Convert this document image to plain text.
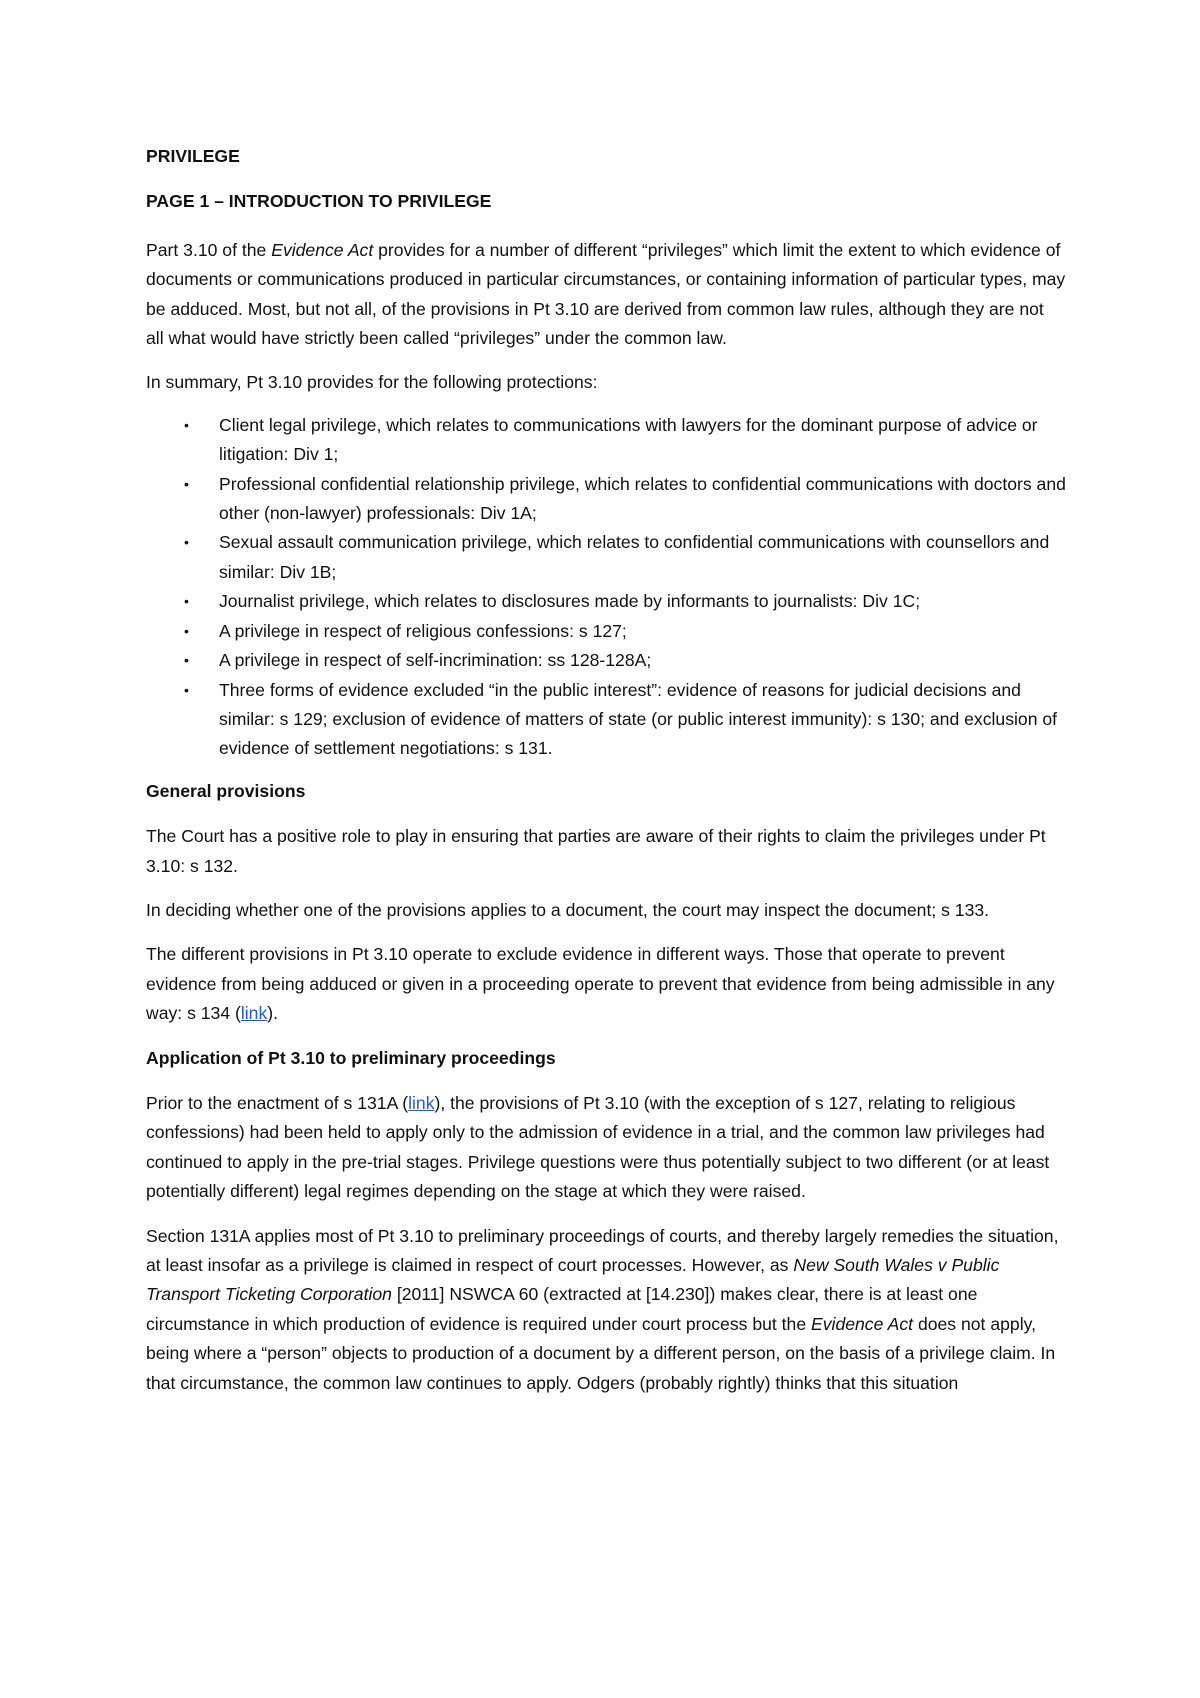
PRIVILEGE

PAGE 1 – INTRODUCTION TO PRIVILEGE

Part 3.10 of the Evidence Act provides for a number of different “privileges” which limit the extent to which evidence of documents or communications produced in particular circumstances, or containing information of particular types, may be adduced. Most, but not all, of the provisions in Pt 3.10 are derived from common law rules, although they are not all what would have strictly been called “privileges” under the common law.

In summary, Pt 3.10 provides for the following protections:

• Client legal privilege, which relates to communications with lawyers for the dominant purpose of advice or litigation: Div 1;
• Professional confidential relationship privilege, which relates to confidential communications with doctors and other (non-lawyer) professionals: Div 1A;
• Sexual assault communication privilege, which relates to confidential communications with counsellors and similar: Div 1B;
• Journalist privilege, which relates to disclosures made by informants to journalists: Div 1C;
• A privilege in respect of religious confessions: s 127;
• A privilege in respect of self-incrimination: ss 128-128A;
• Three forms of evidence excluded “in the public interest”: evidence of reasons for judicial decisions and similar: s 129; exclusion of evidence of matters of state (or public interest immunity): s 130; and exclusion of evidence of settlement negotiations: s 131.

General provisions

The Court has a positive role to play in ensuring that parties are aware of their rights to claim the privileges under Pt 3.10: s 132.

In deciding whether one of the provisions applies to a document, the court may inspect the document; s 133.

The different provisions in Pt 3.10 operate to exclude evidence in different ways. Those that operate to prevent evidence from being adduced or given in a proceeding operate to prevent that evidence from being admissible in any way: s 134 (link).

Application of Pt 3.10 to preliminary proceedings

Prior to the enactment of s 131A (link), the provisions of Pt 3.10 (with the exception of s 127, relating to religious confessions) had been held to apply only to the admission of evidence in a trial, and the common law privileges had continued to apply in the pre-trial stages. Privilege questions were thus potentially subject to two different (or at least potentially different) legal regimes depending on the stage at which they were raised.

Section 131A applies most of Pt 3.10 to preliminary proceedings of courts, and thereby largely remedies the situation, at least insofar as a privilege is claimed in respect of court processes. However, as New South Wales v Public Transport Ticketing Corporation [2011] NSWCA 60 (extracted at [14.230]) makes clear, there is at least one circumstance in which production of evidence is required under court process but the Evidence Act does not apply, being where a “person” objects to production of a document by a different person, on the basis of a privilege claim. In that circumstance, the common law continues to apply. Odgers (probably rightly) thinks that this situation
